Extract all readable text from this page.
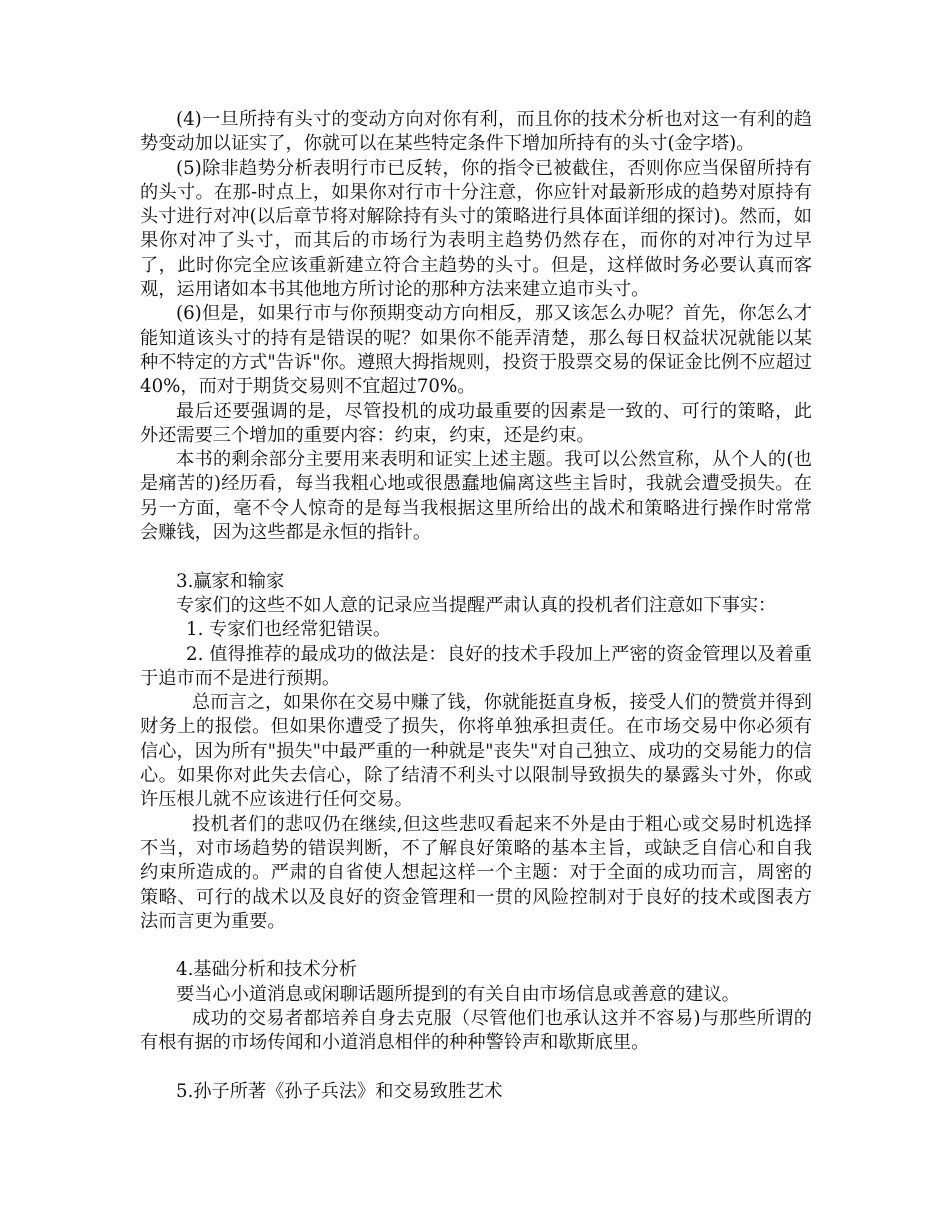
(4)一旦所持有头寸的变动方向对你有利，而且你的技术分析也对这一有利的趋势变动加以证实了，你就可以在某些特定条件下增加所持有的头寸(金字塔)。

(5)除非趋势分析表明行市已反转，你的指令已被截住，否则你应当保留所持有的头寸。在那-时点上，如果你对行市十分注意，你应针对最新形成的趋势对原持有头寸进行对冲(以后章节将对解除持有头寸的策略进行具体面详细的探讨)。然而，如果你对冲了头寸，而其后的市场行为表明主趋势仍然存在，而你的对冲行为过早了，此时你完全应该重新建立符合主趋势的头寸。但是，这样做时务必要认真而客观，运用诸如本书其他地方所讨论的那种方法来建立追市头寸。

(6)但是，如果行市与你预期变动方向相反，那又该怎么办呢？首先，你怎么才能知道该头寸的持有是错误的呢？如果你不能弄清楚，那么每日权益状况就能以某种不特定的方式"告诉"你。遵照大拇指规则，投资于股票交易的保证金比例不应超过40%，而对于期货交易则不宜超过70%。

最后还要强调的是，尽管投机的成功最重要的因素是一致的、可行的策略，此外还需要三个增加的重要内容：约束，约束，还是约束。

本书的剩余部分主要用来表明和证实上述主题。我可以公然宣称，从个人的(也是痛苦的)经历看，每当我粗心地或很愚蠢地偏离这些主旨时，我就会遭受损失。在另一方面，毫不令人惊奇的是每当我根据这里所给出的战术和策略进行操作时常常会赚钱，因为这些都是永恒的指针。

3.赢家和输家

专家们的这些不如人意的记录应当提醒严肃认真的投机者们注意如下事实：

1. 专家们也经常犯错误。

2. 值得推荐的最成功的做法是：良好的技术手段加上严密的资金管理以及着重于追市而不是进行预期。

总而言之，如果你在交易中赚了钱，你就能挺直身板，接受人们的赞赏并得到财务上的报偿。但如果你遭受了损失，你将单独承担责任。在市场交易中你必须有信心，因为所有"损失"中最严重的一种就是"丧失"对自己独立、成功的交易能力的信心。如果你对此失去信心，除了结清不利头寸以限制导致损失的暴露头寸外，你或许压根儿就不应该进行任何交易。

投机者们的悲叹仍在继续,但这些悲叹看起来不外是由于粗心或交易时机选择不当，对市场趋势的错误判断，不了解良好策略的基本主旨，或缺乏自信心和自我约束所造成的。严肃的自省使人想起这样一个主题：对于全面的成功而言，周密的策略、可行的战术以及良好的资金管理和一贯的风险控制对于良好的技术或图表方法而言更为重要。

4.基础分析和技术分析

要当心小道消息或闲聊话题所提到的有关自由市场信息或善意的建议。

成功的交易者都培养自身去克服（尽管他们也承认这并不容易)与那些所谓的有根有据的市场传闻和小道消息相伴的种种警铃声和歇斯底里。

5.孙子所著《孙子兵法》和交易致胜艺术
